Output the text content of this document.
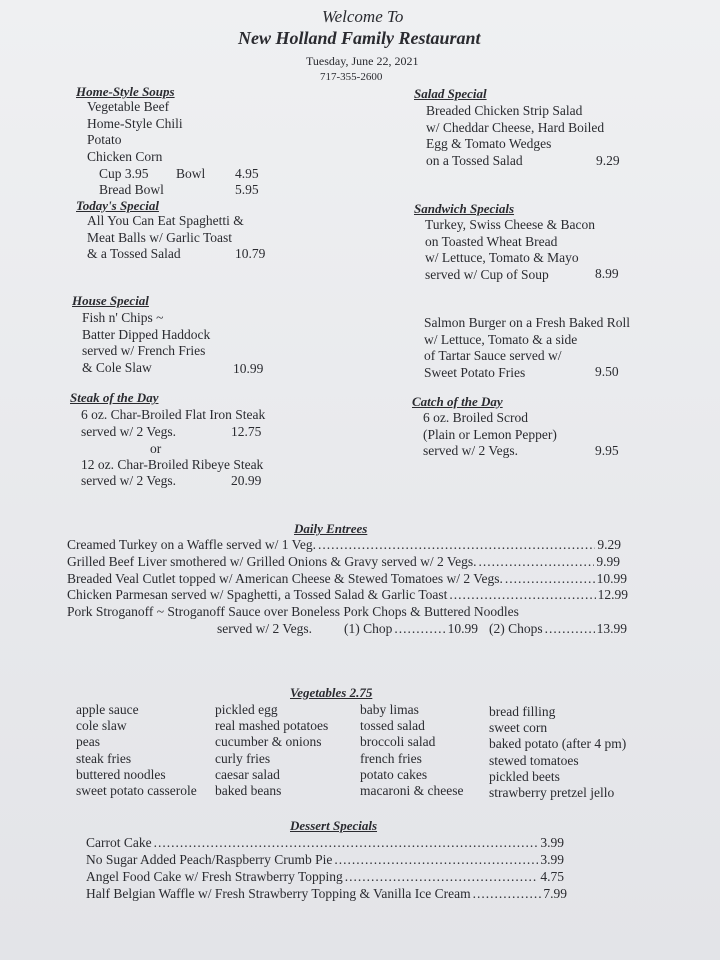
Welcome To
New Holland Family Restaurant
Tuesday, June 22, 2021
717-355-2600
Home-Style Soups
Vegetable Beef
Home-Style Chili
Potato
Chicken Corn
Cup 3.95 Bowl 4.95
Bread Bowl	5.95
Today's Special
All You Can Eat Spaghetti &
Meat Balls w/ Garlic Toast
& a Tossed Salad	10.79
House Special
Fish n' Chips ~
Batter Dipped Haddock
served w/ French Fries
& Cole Slaw	10.99
Steak of the Day
6 oz. Char-Broiled Flat Iron Steak
served w/ 2 Vegs.	12.75
or
12 oz. Char-Broiled Ribeye Steak
served w/ 2 Vegs.	20.99
Salad Special
Breaded Chicken Strip Salad
w/ Cheddar Cheese, Hard Boiled
Egg & Tomato Wedges
on a Tossed Salad	9.29
Sandwich Specials
Turkey, Swiss Cheese & Bacon
on Toasted Wheat Bread
w/ Lettuce, Tomato & Mayo
served w/ Cup of Soup	8.99
Salmon Burger on a Fresh Baked Roll
w/ Lettuce, Tomato & a side
of Tartar Sauce served w/
Sweet Potato Fries	9.50
Catch of the Day
6 oz. Broiled Scrod
(Plain or Lemon Pepper)
served w/ 2 Vegs.	9.95
Daily Entrees
Creamed Turkey on a Waffle served w/ 1 Veg. .....	9.29
Grilled Beef Liver smothered w/ Grilled Onions & Gravy served w/ 2 Vegs. .....	9.99
Breaded Veal Cutlet topped w/ American Cheese & Stewed Tomatoes w/ 2 Vegs. .....	10.99
Chicken Parmesan served w/ Spaghetti, a Tossed Salad & Garlic Toast .....	12.99
Pork Stroganoff ~ Stroganoff Sauce over Boneless Pork Chops & Buttered Noodles
served w/ 2 Vegs. (1) Chop .....	10.99 (2) Chops .....	13.99
Vegetables 2.75
apple sauce
cole slaw
peas
steak fries
buttered noodles
sweet potato casserole
pickled egg
real mashed potatoes
cucumber & onions
curly fries
caesar salad
baked beans
baby limas
tossed salad
broccoli salad
french fries
potato cakes
macaroni & cheese
bread filling
sweet corn
baked potato (after 4 pm)
stewed tomatoes
pickled beets
strawberry pretzel jello
Dessert Specials
Carrot Cake .....	3.99
No Sugar Added Peach/Raspberry Crumb Pie .....	3.99
Angel Food Cake w/ Fresh Strawberry Topping .....	4.75
Half Belgian Waffle w/ Fresh Strawberry Topping & Vanilla Ice Cream .....	7.99
